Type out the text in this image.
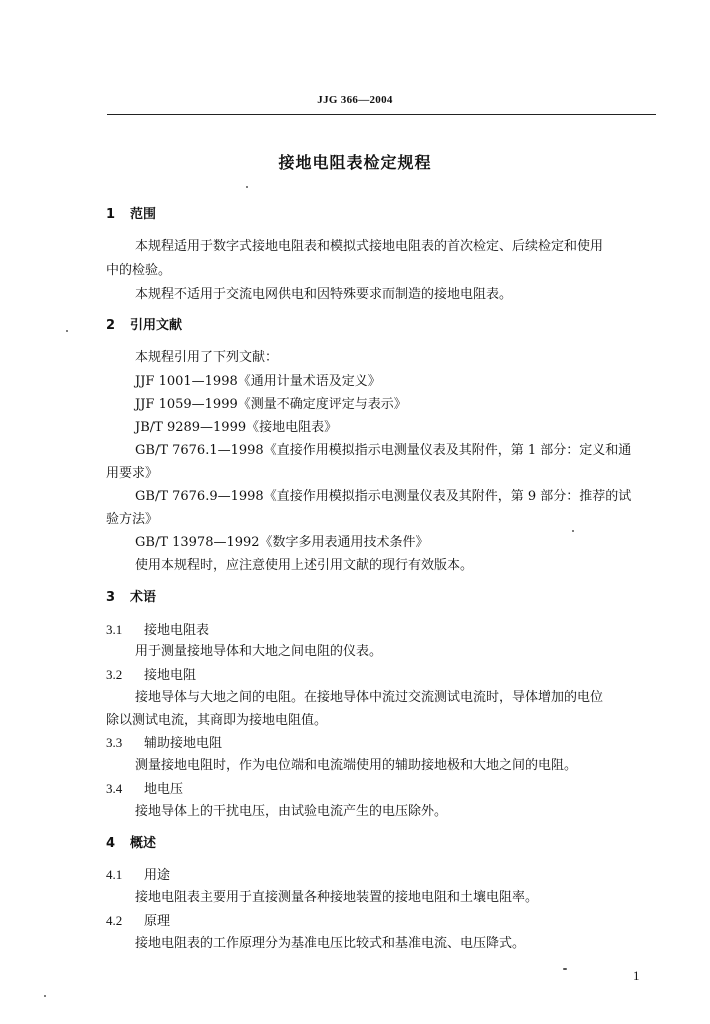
JJG 366—2004
接地电阻表检定规程
1 范围
本规程适用于数字式接地电阻表和模拟式接地电阻表的首次检定、后续检定和使用
中的检验。
本规程不适用于交流电网供电和因特殊要求而制造的接地电阻表。
2 引用文献
本规程引用了下列文献：
JJF 1001—1998《通用计量术语及定义》
JJF 1059—1999《测量不确定度评定与表示》
JB/T 9289—1999《接地电阻表》
GB/T 7676.1—1998《直接作用模拟指示电测量仪表及其附件，第 1 部分：定义和通
用要求》
GB/T 7676.9—1998《直接作用模拟指示电测量仪表及其附件，第 9 部分：推荐的试
验方法》
GB/T 13978—1992《数字多用表通用技术条件》
使用本规程时，应注意使用上述引用文献的现行有效版本。
3 术语
3.1 接地电阻表
用于测量接地导体和大地之间电阻的仪表。
3.2 接地电阻
接地导体与大地之间的电阻。在接地导体中流过交流测试电流时，导体增加的电位
除以测试电流，其商即为接地电阻值。
3.3 辅助接地电阻
测量接地电阻时，作为电位端和电流端使用的辅助接地极和大地之间的电阻。
3.4 地电压
接地导体上的干扰电压，由试验电流产生的电压除外。
4 概述
4.1 用途
接地电阻表主要用于直接测量各种接地装置的接地电阻和土壤电阻率。
4.2 原理
接地电阻表的工作原理分为基准电压比较式和基准电流、电压降式。
1
